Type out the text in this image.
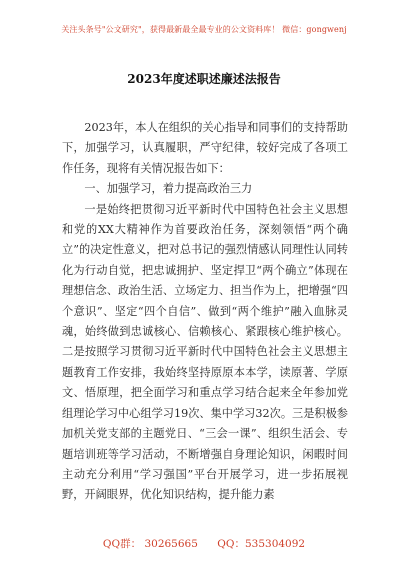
关注头条号"公文研究"，获得最新最全最专业的公文资料库！ 微信：gongwenj
2023年度述职述廉述法报告

2023年，本人在组织的关心指导和同事们的支持帮助下，加强学习，认真履职，严守纪律，较好完成了各项工作任务，现将有关情况报告如下：

一、加强学习，着力提高政治三力

一是始终把贯彻习近平新时代中国特色社会主义思想和党的XX大精神作为首要政治任务，深刻领悟“两个确立”的决定性意义，把对总书记的强烈情感认同理性认同转化为行动自觉，把忠诚拥护、坚定捍卫“两个确立”体现在理想信念、政治生活、立场定力、担当作为上，把增强“四个意识”、坚定“四个自信”、做到“两个维护”融入血脉灵魂，始终做到忠诚核心、信赖核心、紧跟核心维护核心。二是按照学习贯彻习近平新时代中国特色社会主义思想主题教育工作安排，我始终坚持原原本本学，读原著、学原文、悟原理，把全面学习和重点学习结合起来全年参加党组理论学习中心组学习19次、集中学习32次。三是积极参加机关党支部的主题党日、“三会一课”、组织生活会、专题培训班等学习活动，不断增强自身理论知识，闲暇时间主动充分利用“学习强国”平台开展学习，进一步拓展视野，开阔眼界，优化知识结构，提升能力素

QQ群： 30265665 QQ：535304092
